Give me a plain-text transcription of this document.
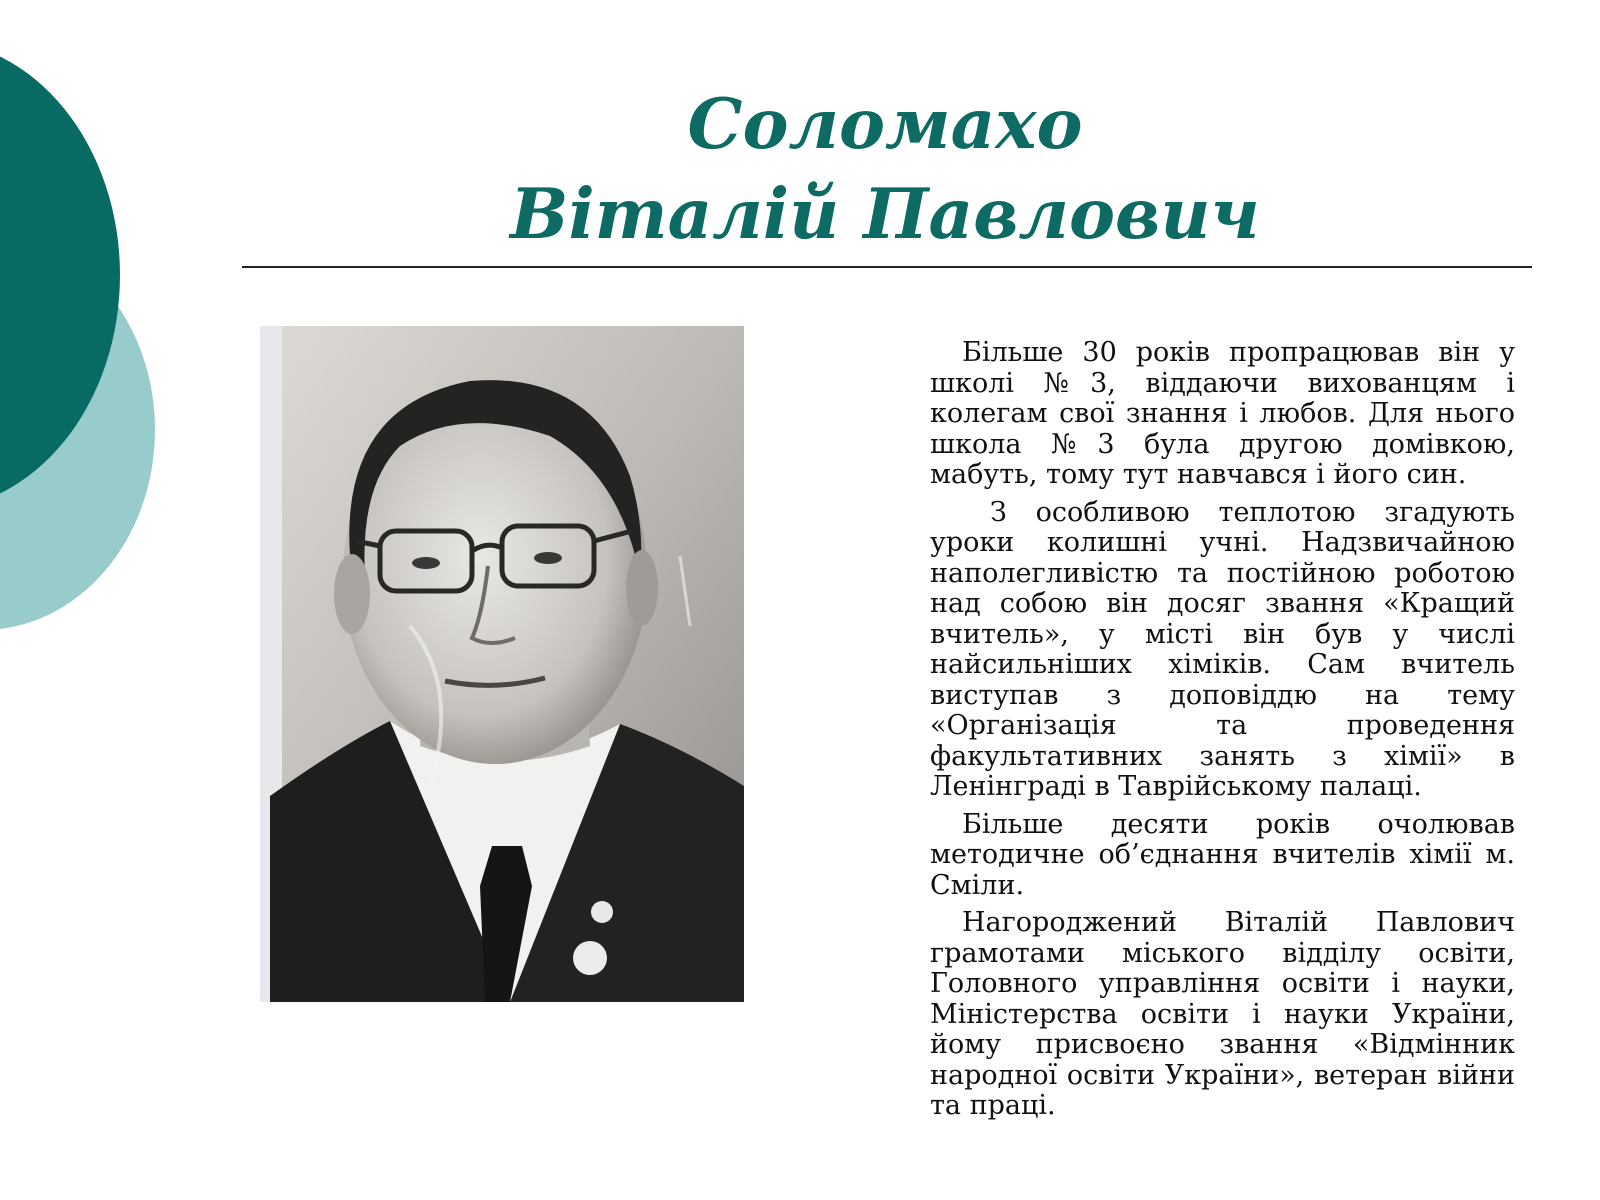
Соломахо
Віталій Павлович

Більше 30 років пропрацював він у школі №3, віддаючи вихованцям і колегам свої знання і любов. Для нього школа №3 була другою домівкою, мабуть, тому тут навчався і його син.

З особливою теплотою згадують уроки колишні учні. Надзвичайною наполегливістю та постійною роботою над собою він досяг звання «Кращий вчитель», у місті він був у числі найсильніших хіміків. Сам вчитель виступав з доповіддю на тему «Організація та проведення факультативних занять з хімії» в Ленінграді в Таврійському палаці.

Більше десяти років очолював методичне об’єднання вчителів хімії м. Сміли.

Нагороджений Віталій Павлович грамотами міського відділу освіти, Головного управління освіти і науки, Міністерства освіти і науки України, йому присвоєно звання «Відмінник народної освіти України», ветеран війни та праці.
